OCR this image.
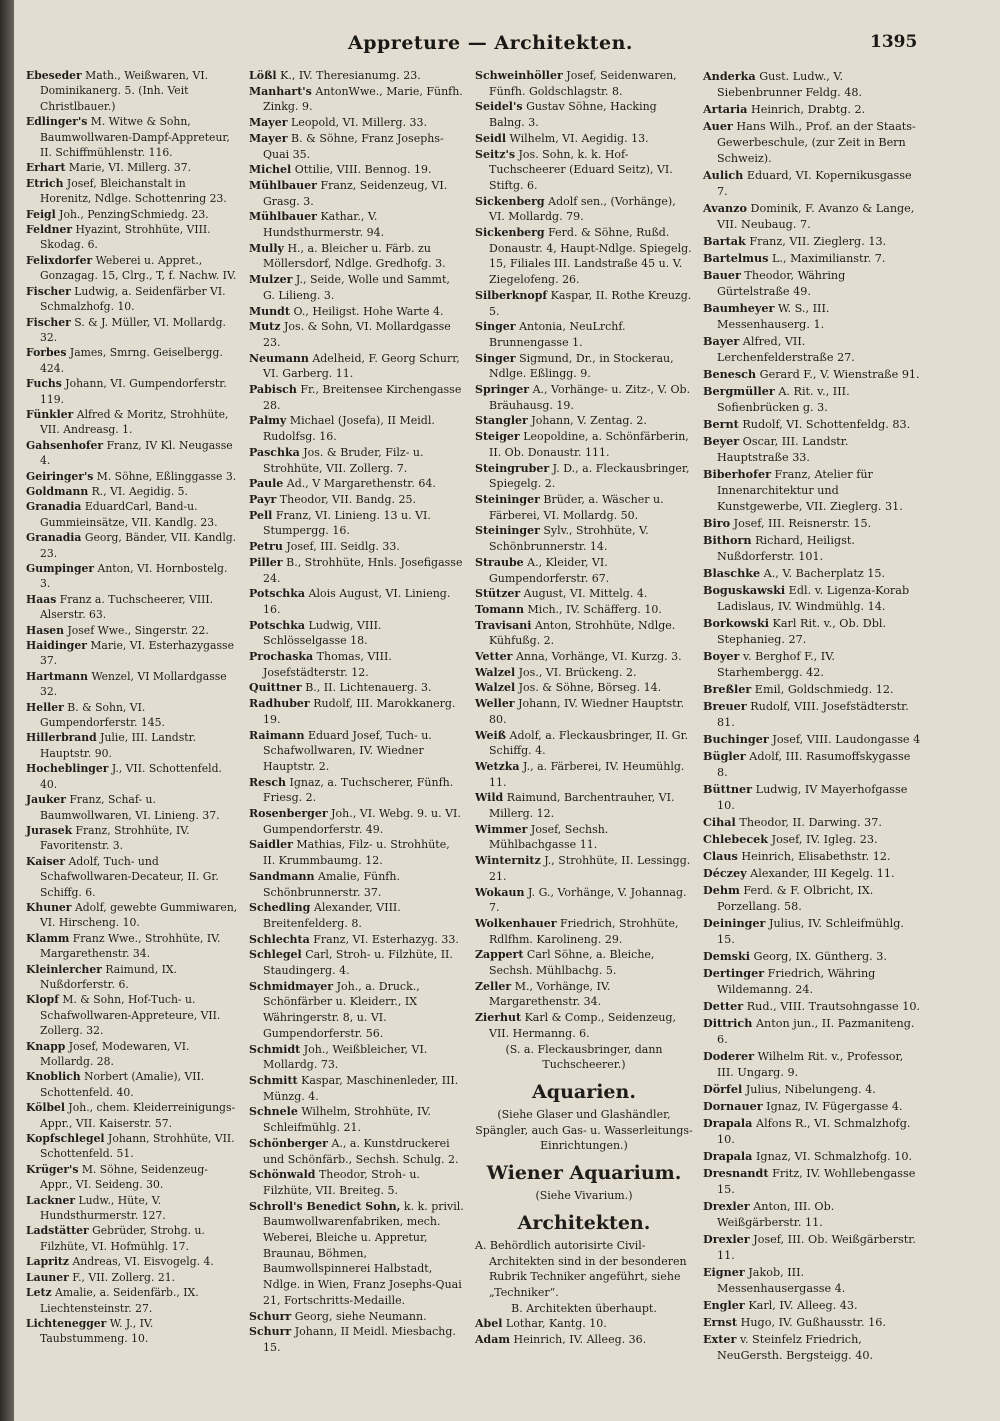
Appreture — Architekten.	1395
Ebeseder Math., Weißwaren, VI. Dominikanerg. 5. (Inh. Veit Christlbauer.)
Edlinger's M. Witwe & Sohn, Baumwollwaren-Dampf-Appreteur, II. Schiffmühlenstr. 116.
Erhart Marie, VI. Millerg. 37.
Etrich Josef, Bleichanstalt in Horenitz, Ndlge. Schottenring 23.
Feigl Joh., PenzingSchmiedg. 23.
Feldner Hyazint, Strohhüte, VIII. Skodag. 6.
Felixdorfer Weberei u. Appret., Gonzagag. 15, Clrg., T, f. Nachw. IV.
Fischer Ludwig, a. Seidenfärber VI. Schmalzhofg. 10.
Fischer S. & J. Müller, VI. Mollardg. 32.
Forbes James, Smrng. Geiselbergg. 424.
Fuchs Johann, VI. Gumpendorferstr. 119.
Fünkler Alfred & Moritz, Strohhüte, VII. Andreasg. 1.
Gahsenhofer Franz, IV Kl. Neugasse 4.
Geiringer's M. Söhne, Eßlinggasse 3.
Goldmann R., VI. Aegidig. 5.
Granadia EduardCarl, Band-u. Gummieinsätze, VII. Kandlg. 23.
Granadia Georg, Bänder, VII. Kandlg. 23.
Gumpinger Anton, VI. Hornbostelg. 3.
Haas Franz a. Tuchscheerer, VIII. Alserstr. 63.
Hasen Josef Wwe., Singerstr. 22.
Haidinger Marie, VI. Esterhazygasse 37.
Hartmann Wenzel, VI Mollardgasse 32.
Heller B. & Sohn, VI. Gumpendorferstr. 145.
Hillerbrand Julie, III. Landstr. Hauptstr. 90.
Hocheblinger J., VII. Schottenfeld. 40.
Jauker Franz, Schaf- u. Baumwollwaren, VI. Linieng. 37.
Jurasek Franz, Strohhüte, IV. Favoritenstr. 3.
Kaiser Adolf, Tuch- und Schafwollwaren-Decateur, II. Gr. Schiffg. 6.
Khuner Adolf, gewebte Gummiwaren, VI. Hirscheng. 10.
Klamm Franz Wwe., Strohhüte, IV. Margarethenstr. 34.
Kleinlercher Raimund, IX. Nußdorferstr. 6.
Klopf M. & Sohn, Hof-Tuch- u. Schafwollwaren-Appreteure, VII. Zollerg. 32.
Knapp Josef, Modewaren, VI. Mollardg. 28.
Knoblich Norbert (Amalie), VII. Schottenfeld. 40.
Kölbel Joh., chem. Kleiderreinigungs-Appr., VII. Kaiserstr. 57.
Kopfschlegel Johann, Strohhüte, VII. Schottenfeld. 51.
Krüger's M. Söhne, Seidenzeug-Appr., VI. Seideng. 30.
Lackner Ludw., Hüte, V. Hundsthurmerstr. 127.
Ladstätter Gebrüder, Strohg. u. Filzhüte, VI. Hofmühlg. 17.
Lapritz Andreas, VI. Eisvogelg. 4.
Launer F., VII. Zollerg. 21.
Letz Amalie, a. Seidenfärb., IX. Liechtensteinstr. 27.
Lichtenegger W. J., IV. Taubstummeng. 10.
Lößl K., IV. Theresianumg. 23.
Manhart's AntonWwe., Marie, Fünfh. Zinkg. 9.
Mayer Leopold, VI. Millerg. 33.
Mayer B. & Söhne, Franz Josephs-Quai 35.
Michel Ottilie, VIII. Bennog. 19.
Mühlbauer Franz, Seidenzeug, VI. Grasg. 3.
Mühlbauer Kathar., V. Hundsthurmerstr. 94.
Mully H., a. Bleicher u. Färb. zu Möllersdorf, Ndlge. Gredhofg. 3.
Mulzer J., Seide, Wolle und Sammt, G. Lilieng. 3.
Mundt O., Heiligst. Hohe Warte 4.
Mutz Jos. & Sohn, VI. Mollardgasse 23.
Neumann Adelheid, F. Georg Schurr, VI. Garberg. 11.
Pabisch Fr., Breitensee Kirchengasse 28.
Palmy Michael (Josefa), II Meidl. Rudolfsg. 16.
Paschka Jos. & Bruder, Filz- u. Strohhüte, VII. Zollerg. 7.
Paule Ad., V Margarethenstr. 64.
Payr Theodor, VII. Bandg. 25.
Pell Franz, VI. Linieng. 13 u. VI. Stumpergg. 16.
Petru Josef, III. Seidlg. 33.
Piller B., Strohhüte, Hnls. Josefigasse 24.
Potschka Alois August, VI. Linieng. 16.
Potschka Ludwig, VIII. Schlösselgasse 18.
Prochaska Thomas, VIII. Josefstädterstr. 12.
Quittner B., II. Lichtenauerg. 3.
Radhuber Rudolf, III. Marokkanerg. 19.
Raimann Eduard Josef, Tuch- u. Schafwollwaren, IV. Wiedner Hauptstr. 2.
Resch Ignaz, a. Tuchscherer, Fünfh. Friesg. 2.
Rosenberger Joh., VI. Webg. 9. u. VI. Gumpendorferstr. 49.
Saidler Mathias, Filz- u. Strohhüte, II. Krummbaumg. 12.
Sandmann Amalie, Fünfh. Schönbrunnerstr. 37.
Schedling Alexander, VIII. Breitenfelderg. 8.
Schlechta Franz, VI. Esterhazyg. 33.
Schlegel Carl, Stroh- u. Filzhüte, II. Staudingerg. 4.
Schmidmayer Joh., a. Druck., Schönfärber u. Kleiderr., IX Währingerstr. 8, u. VI. Gumpendorferstr. 56.
Schmidt Joh., Weißbleicher, VI. Mollardg. 73.
Schmitt Kaspar, Maschinenleder, III. Münzg. 4.
Schnele Wilhelm, Strohhüte, IV. Schleifmühlg. 21.
Schönberger A., a. Kunstdruckerei und Schönfärb., Sechsh. Schulg. 2.
Schönwald Theodor, Stroh- u. Filzhüte, VII. Breiteg. 5.
Schroll's Benedict Sohn, k. k. privil. Baumwollwarenfabriken, mech. Weberei, Bleiche u. Appretur, Braunau, Böhmen, Baumwollspinnerei Halbstadt, Ndlge. in Wien, Franz Josephs-Quai 21, Fortschritts-Medaille.
Schurr Georg, siehe Neumann.
Schurr Johann, II Meidl. Miesbachg. 15.
Schweinhöller Josef, Seidenwaren, Fünfh. Goldschlagstr. 8.
Seidel's Gustav Söhne, Hacking Balng. 3.
Seidl Wilhelm, VI. Aegidig. 13.
Seitz's Jos. Sohn, k. k. Hof-Tuchscheerer (Eduard Seitz), VI. Stiftg. 6.
Sickenberg Adolf sen., (Vorhänge), VI. Mollardg. 79.
Sickenberg Ferd. & Söhne, Rußd. Donaustr. 4, Haupt-Ndlge. Spiegelg. 15, Filiales III. Landstraße 45 u. V. Ziegelofeng. 26.
Silberknopf Kaspar, II. Rothe Kreuzg. 5.
Singer Antonia, NeuLrchf. Brunnengasse 1.
Singer Sigmund, Dr., in Stockerau, Ndlge. Eßlingg. 9.
Springer A., Vorhänge- u. Zitz-, V. Ob. Bräuhausg. 19.
Stangler Johann, V. Zentag. 2.
Steiger Leopoldine, a. Schönfärberin, II. Ob. Donaustr. 111.
Steingruber J. D., a. Fleckausbringer, Spiegelg. 2.
Steininger Brüder, a. Wäscher u. Färberei, VI. Mollardg. 50.
Steininger Sylv., Strohhüte, V. Schönbrunnerstr. 14.
Straube A., Kleider, VI. Gumpendorferstr. 67.
Stützer August, VI. Mittelg. 4.
Tomann Mich., IV. Schäfferg. 10.
Travisani Anton, Strohhüte, Ndlge. Kühfußg. 2.
Vetter Anna, Vorhänge, VI. Kurzg. 3.
Walzel Jos., VI. Brückeng. 2.
Walzel Jos. & Söhne, Börseg. 14.
Weller Johann, IV. Wiedner Hauptstr. 80.
Weiß Adolf, a. Fleckausbringer, II. Gr. Schiffg. 4.
Wetzka J., a. Färberei, IV. Heumühlg. 11.
Wild Raimund, Barchentrauher, VI. Millerg. 12.
Wimmer Josef, Sechsh. Mühlbachgasse 11.
Winternitz J., Strohhüte, II. Lessingg. 21.
Wokaun J. G., Vorhänge, V. Johannag. 7.
Wolkenhauer Friedrich, Strohhüte, Rdlfhm. Karolineng. 29.
Zappert Carl Söhne, a. Bleiche, Sechsh. Mühlbachg. 5.
Zeller M., Vorhänge, IV. Margarethenstr. 34.
Zierhut Karl & Comp., Seidenzeug, VII. Hermanng. 6.
(S. a. Fleckausbringer, dann Tuchscheerer.)
Aquarien.
(Siehe Glaser und Glashändler, Spängler, auch Gas- u. Wasserleitungs-Einrichtungen.)
Wiener Aquarium.
(Siehe Vivarium.)
Architekten.
A. Behördlich autorisirte Civil-Architekten sind in der besonderen Rubrik Techniker angeführt, siehe „Techniker“.
B. Architekten überhaupt.
Abel Lothar, Kantg. 10.
Adam Heinrich, IV. Alleeg. 36.
Anderka Gust. Ludw., V. Siebenbrunner Feldg. 48.
Artaria Heinrich, Drabtg. 2.
Auer Hans Wilh., Prof. an der Staats-Gewerbeschule, (zur Zeit in Bern Schweiz).
Aulich Eduard, VI. Kopernikusgasse 7.
Avanzo Dominik, F. Avanzo & Lange, VII. Neubaug. 7.
Bartak Franz, VII. Zieglerg. 13.
Bartelmus L., Maximilianstr. 7.
Bauer Theodor, Währing Gürtelstraße 49.
Baumheyer W. S., III. Messenhauserg. 1.
Bayer Alfred, VII. Lerchenfelderstraße 27.
Benesch Gerard F., V. Wienstraße 91.
Bergmüller A. Rit. v., III. Sofienbrücken g. 3.
Bernt Rudolf, VI. Schottenfeldg. 83.
Beyer Oscar, III. Landstr. Hauptstraße 33.
Biberhofer Franz, Atelier für Innenarchitektur und Kunstgewerbe, VII. Zieglerg. 31.
Biro Josef, III. Reisnerstr. 15.
Bithorn Richard, Heiligst. Nußdorferstr. 101.
Blaschke A., V. Bacherplatz 15.
Boguskawski Edl. v. Ligenza-Korab Ladislaus, IV. Windmühlg. 14.
Borkowski Karl Rit. v., Ob. Dbl. Stephanieg. 27.
Boyer v. Berghof F., IV. Starhembergg. 42.
Breßler Emil, Goldschmiedg. 12.
Breuer Rudolf, VIII. Josefstädterstr. 81.
Buchinger Josef, VIII. Laudongasse 4
Bügler Adolf, III. Rasumoffskygasse 8.
Büttner Ludwig, IV Mayerhofgasse 10.
Cihal Theodor, II. Darwing. 37.
Chlebecek Josef, IV. Igleg. 23.
Claus Heinrich, Elisabethstr. 12.
Déczey Alexander, III Kegelg. 11.
Dehm Ferd. & F. Olbricht, IX. Porzellang. 58.
Deininger Julius, IV. Schleifmühlg. 15.
Demski Georg, IX. Güntherg. 3.
Dertinger Friedrich, Währing Wildemanng. 24.
Detter Rud., VIII. Trautsohngasse 10.
Dittrich Anton jun., II. Pazmaniteng. 6.
Doderer Wilhelm Rit. v., Professor, III. Ungarg. 9.
Dörfel Julius, Nibelungeng. 4.
Dornauer Ignaz, IV. Fügergasse 4.
Drapala Alfons R., VI. Schmalzhofg. 10.
Drapala Ignaz, VI. Schmalzhofg. 10.
Dresnandt Fritz, IV. Wohllebengasse 15.
Drexler Anton, III. Ob. Weißgärberstr. 11.
Drexler Josef, III. Ob. Weißgärberstr. 11.
Eigner Jakob, III. Messenhausergasse 4.
Engler Karl, IV. Alleeg. 43.
Ernst Hugo, IV. Gußhausstr. 16.
Exter v. Steinfelz Friedrich, NeuGersth. Bergsteigg. 40.
